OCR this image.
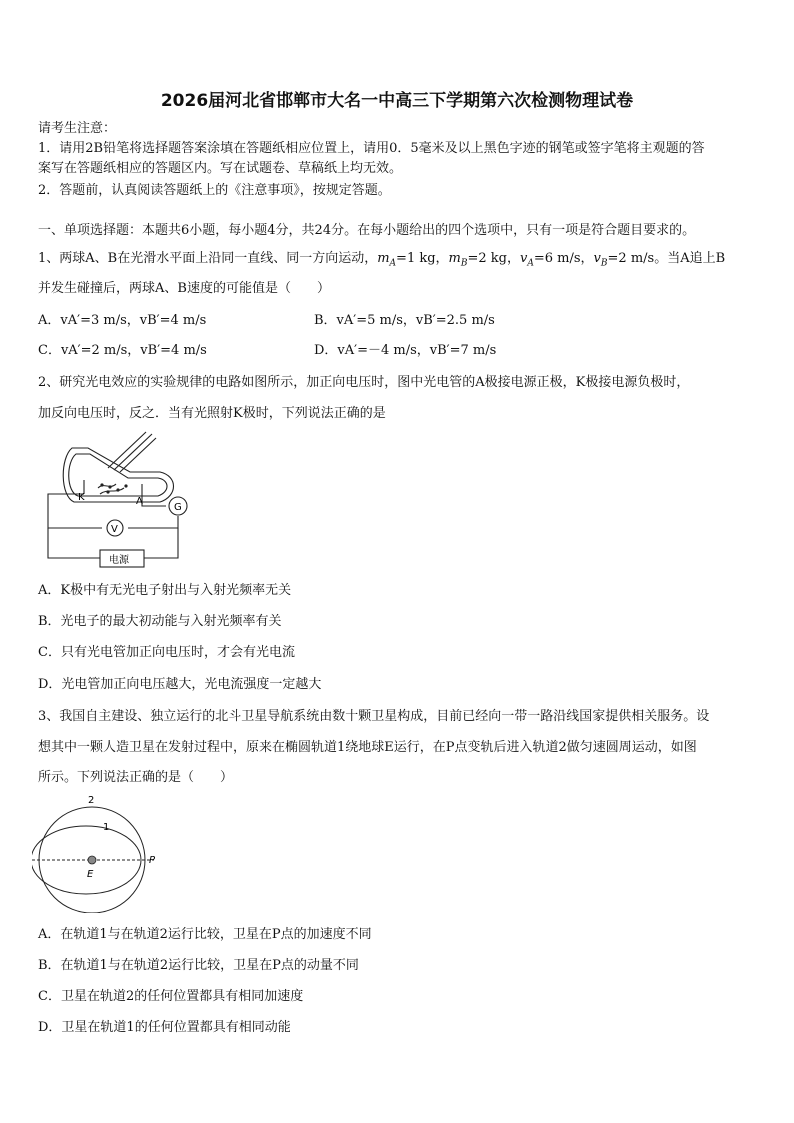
2026届河北省邯郸市大名一中高三下学期第六次检测物理试卷
请考生注意：
1．请用2B铅笔将选择题答案涂填在答题纸相应位置上，请用0．5毫米及以上黑色字迹的钢笔或签字笔将主观题的答
案写在答题纸相应的答题区内。写在试题卷、草稿纸上均无效。
2．答题前，认真阅读答题纸上的《注意事项》，按规定答题。
一、单项选择题：本题共6小题，每小题4分，共24分。在每小题给出的四个选项中，只有一项是符合题目要求的。
1、两球A、B在光滑水平面上沿同一直线、同一方向运动，$m_A=1$ kg，$m_B=2$ kg，$v_A=6$ m/s，$v_B=2$ m/s。当A追上B
并发生碰撞后，两球A、B速度的可能值是（　　）
A．vA′=3 m/s，vB′=4 m/s	B．vA′=5 m/s，vB′=2.5 m/s
C．vA′=2 m/s，vB′=4 m/s	D．vA′=－4 m/s，vB′=7 m/s
2、研究光电效应的实验规律的电路如图所示，加正向电压时，图中光电管的A极接电源正极，K极接电源负极时，
加反向电压时，反之．当有光照射K极时，下列说法正确的是
K	A
G
V
电源
A．K极中有无光电子射出与入射光频率无关
B．光电子的最大初动能与入射光频率有关
C．只有光电管加正向电压时，才会有光电流
D．光电管加正向电压越大，光电流强度一定越大
3、我国自主建设、独立运行的北斗卫星导航系统由数十颗卫星构成，目前已经向一带一路沿线国家提供相关服务。设
想其中一颗人造卫星在发射过程中，原来在椭圆轨道1绕地球E运行，在P点变轨后进入轨道2做匀速圆周运动，如图
所示。下列说法正确的是（　　）
2
1
P
E
A．在轨道1与在轨道2运行比较，卫星在P点的加速度不同
B．在轨道1与在轨道2运行比较，卫星在P点的动量不同
C．卫星在轨道2的任何位置都具有相同加速度
D．卫星在轨道1的任何位置都具有相同动能
